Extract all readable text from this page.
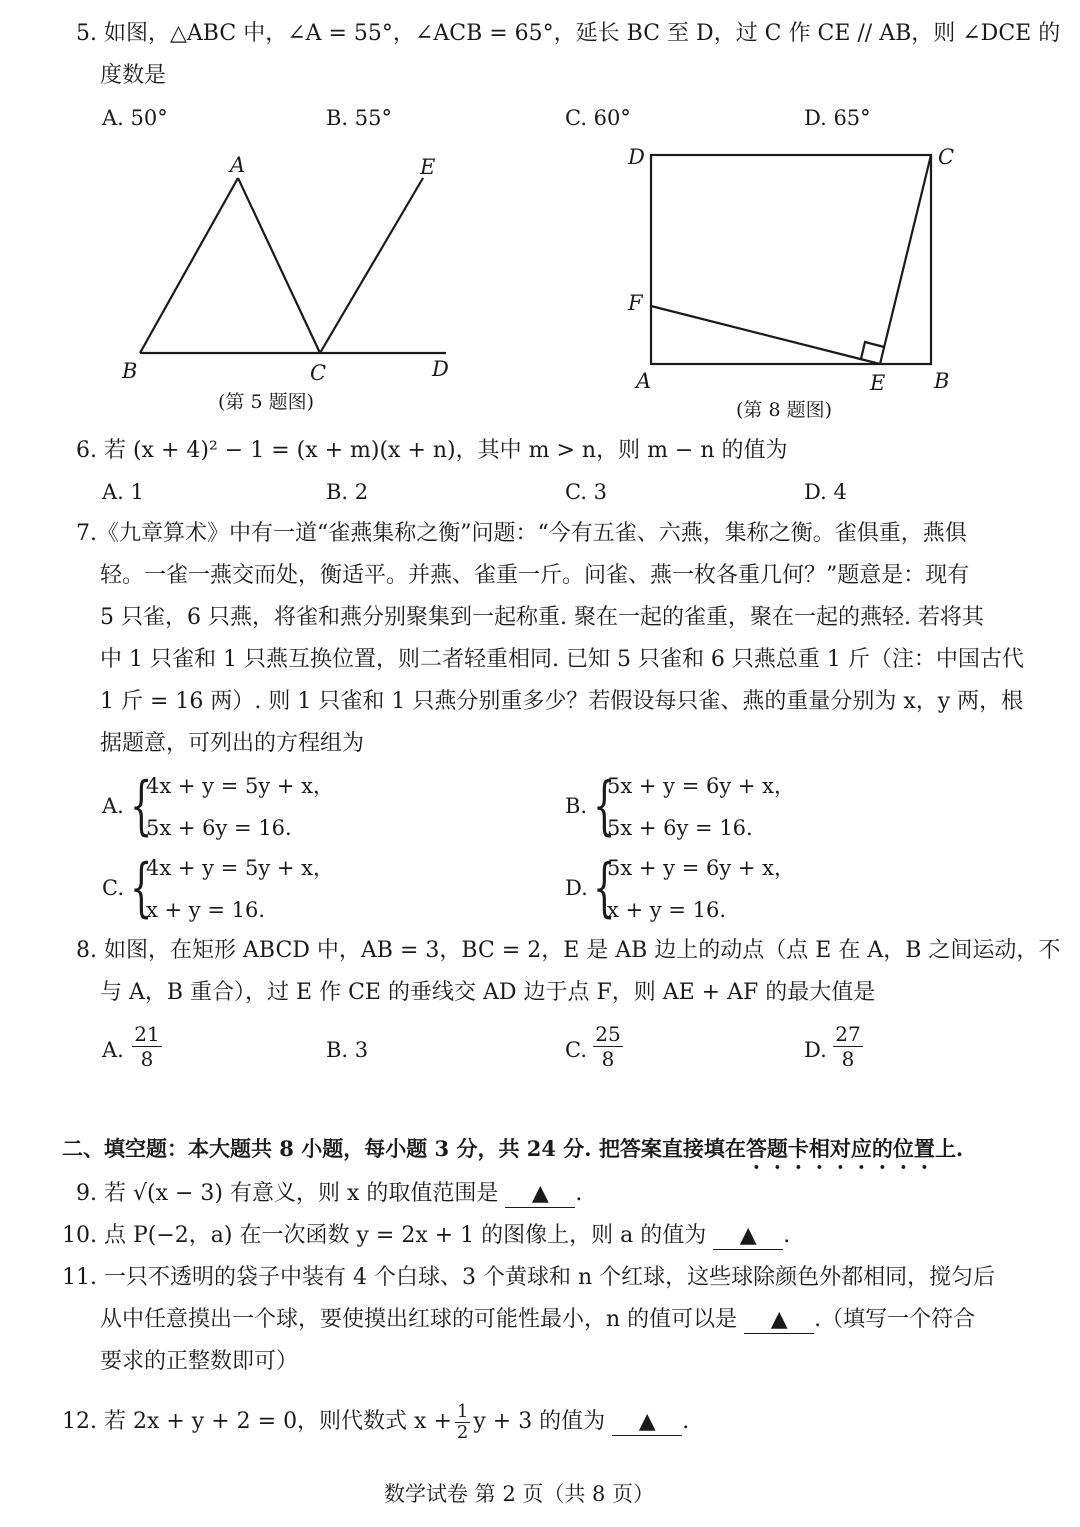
5. 如图，△ABC 中，∠A = 55°，∠ACB = 65°，延长 BC 至 D，过 C 作 CE // AB，则 ∠DCE 的
度数是
A. 50°	B. 55°	C. 60°	D. 65°
A
B	C	D
E
(第 5 题图)
D	C
F
A	E B
(第 8 题图)
6. 若 (x + 4)² − 1 = (x + m)(x + n)，其中 m > n，则 m − n 的值为
A. 1	B. 2	C. 3	D. 4
7.《九章算术》中有一道“雀燕集称之衡”问题：“今有五雀、六燕，集称之衡。雀俱重，燕俱
轻。一雀一燕交而处，衡适平。并燕、雀重一斤。问雀、燕一枚各重几何？”题意是：现有
5 只雀，6 只燕，将雀和燕分别聚集到一起称重. 聚在一起的雀重，聚在一起的燕轻. 若将其
中 1 只雀和 1 只燕互换位置，则二者轻重相同. 已知 5 只雀和 6 只燕总重 1 斤（注：中国古代
1 斤 = 16 两）. 则 1 只雀和 1 只燕分别重多少？若假设每只雀、燕的重量分别为 x，y 两，根
据题意，可列出的方程组为
A. {
4x + y = 5y + x，
5x + 6y = 16.
B. {
5x + y = 6y + x，
5x + 6y = 16.
C. {
4x + y = 5y + x，
x + y = 16.
D. {
5x + y = 6y + x，
x + y = 16.
8. 如图，在矩形 ABCD 中，AB = 3，BC = 2，E 是 AB 边上的动点（点 E 在 A，B 之间运动，不
与 A，B 重合），过 E 作 CE 的垂线交 AD 边于点 F，则 AE + AF 的最大值是
A. $\frac{21}{8}$	B. 3	C. $\frac{25}{8}$	D. $\frac{27}{8}$
二、填空题：本大题共 8 小题，每小题 3 分，共 24 分. 把答案直接填在答题卡相对应的位置上.
9. 若 √(x − 3) 有意义，则 x 的取值范围是 ▲ .
10. 点 P(−2，a) 在一次函数 y = 2x + 1 的图像上，则 a 的值为 ▲ .
11. 一只不透明的袋子中装有 4 个白球、3 个黄球和 n 个红球，这些球除颜色外都相同，搅匀后
从中任意摸出一个球，要使摸出红球的可能性最小，n 的值可以是 ▲ .（填写一个符合
要求的正整数即可）
12. 若 2x + y + 2 = 0，则代数式 $x + \frac{1}{2}$ y + 3 的值为 ▲ .
数学试卷 第 2 页（共 8 页）
